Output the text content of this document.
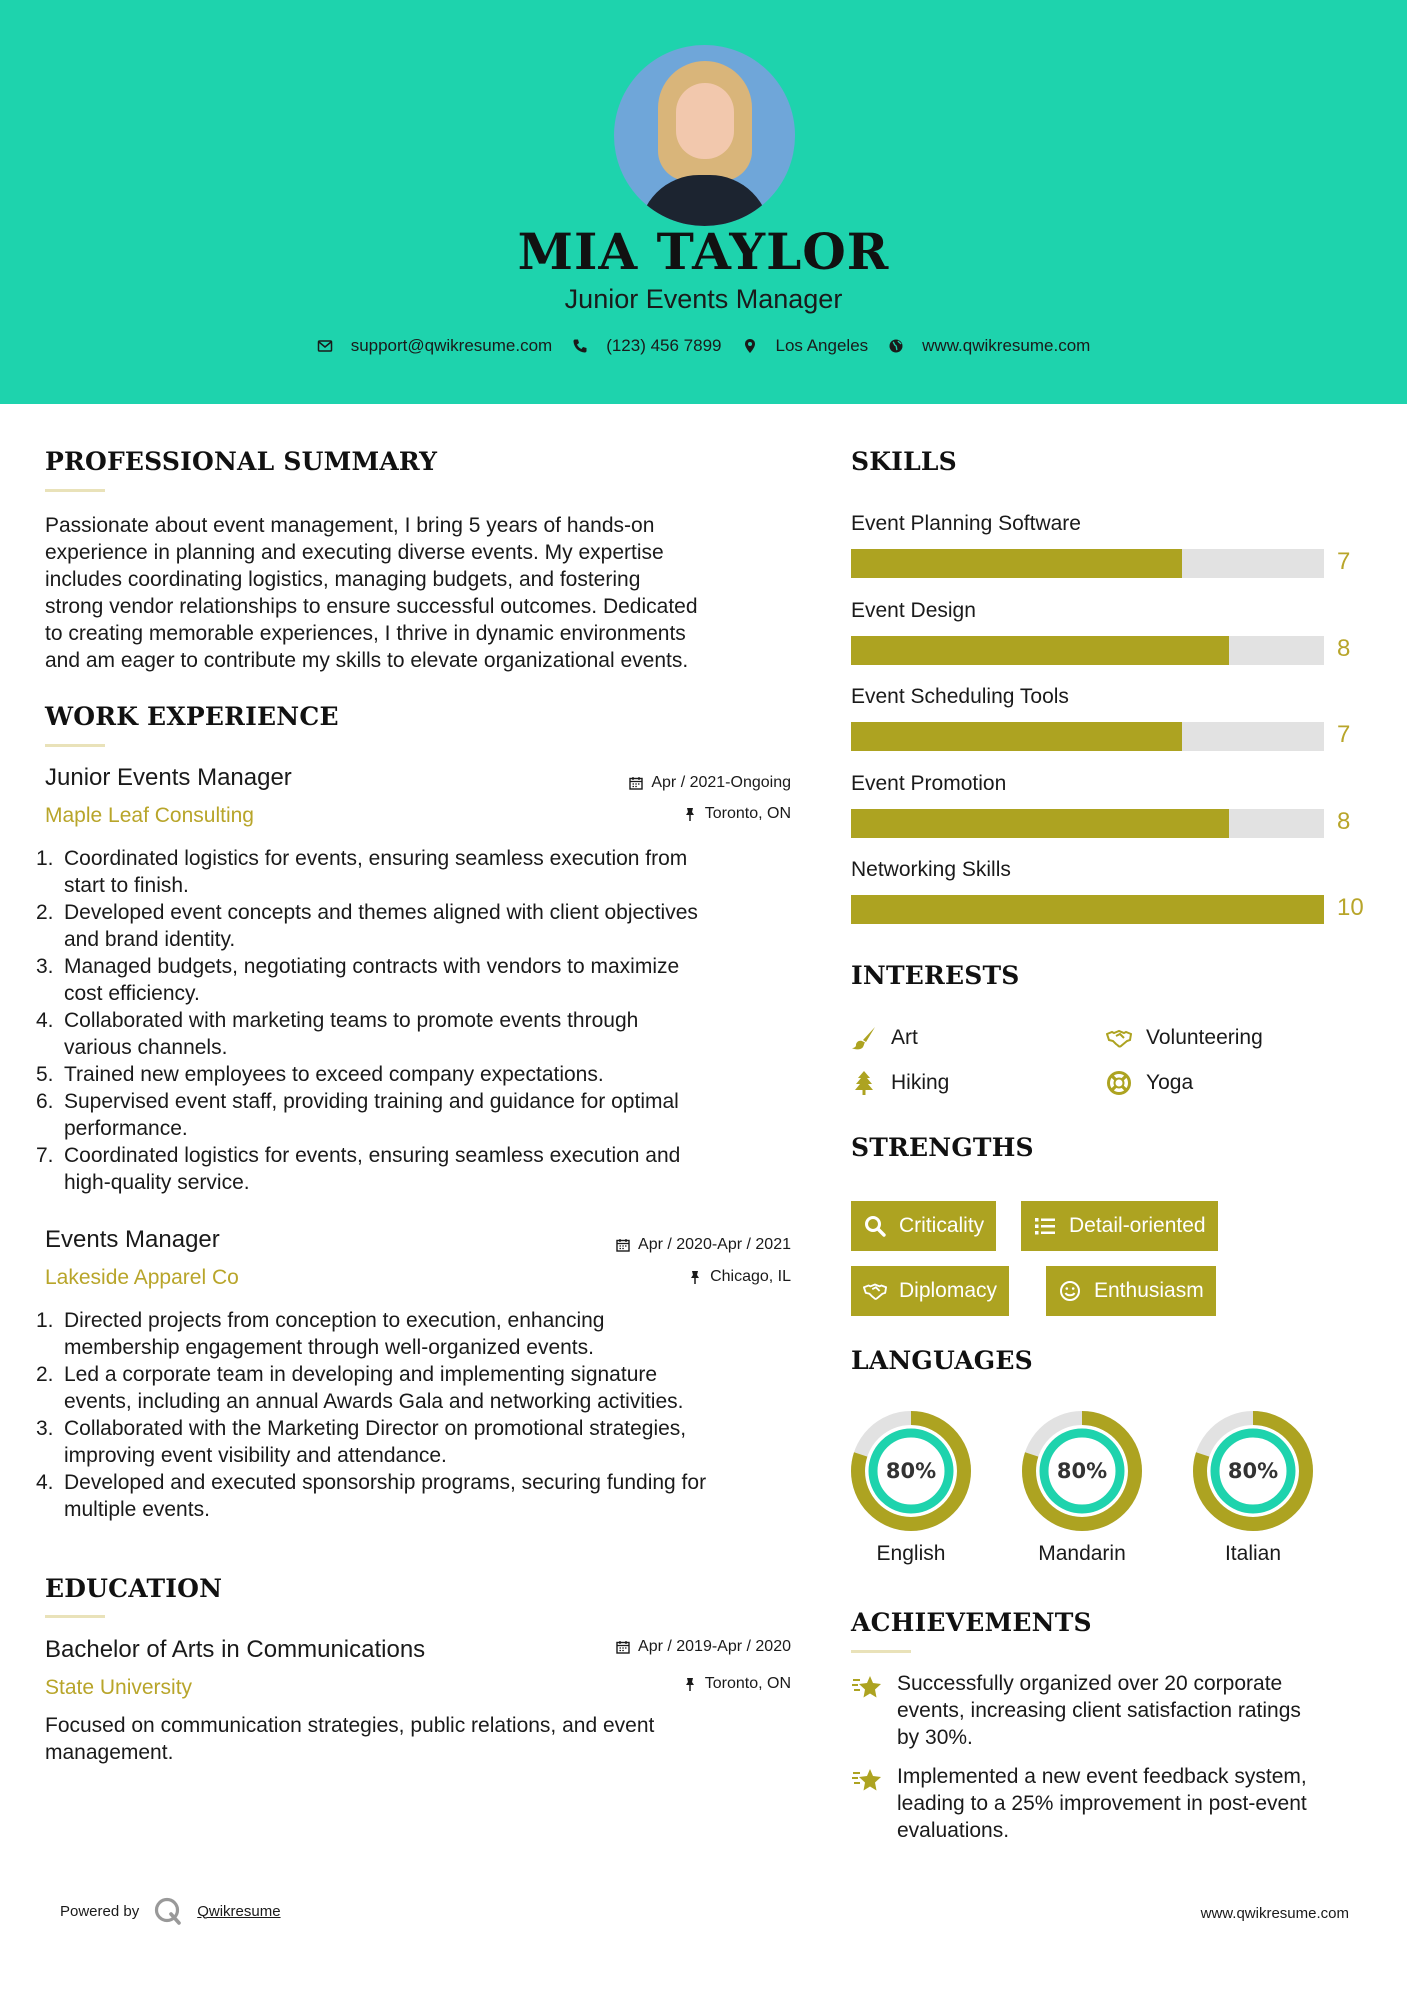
MIA TAYLOR
Junior Events Manager
support@qwikresume.com	(123) 456 7899	Los Angeles	www.qwikresume.com
PROFESSIONAL SUMMARY
Passionate about event management, I bring 5 years of hands-on
experience in planning and executing diverse events. My expertise
includes coordinating logistics, managing budgets, and fostering
strong vendor relationships to ensure successful outcomes. Dedicated
to creating memorable experiences, I thrive in dynamic environments
and am eager to contribute my skills to elevate organizational events.
WORK EXPERIENCE
Junior Events Manager
Maple Leaf Consulting
Apr / 2021-Ongoing
Toronto, ON
1. Coordinated logistics for events, ensuring seamless execution from
start to finish.
2. Developed event concepts and themes aligned with client objectives
and brand identity.
3. Managed budgets, negotiating contracts with vendors to maximize
cost efficiency.
4. Collaborated with marketing teams to promote events through
various channels.
5. Trained new employees to exceed company expectations.
6. Supervised event staff, providing training and guidance for optimal
performance.
7. Coordinated logistics for events, ensuring seamless execution and
high-quality service.
Events Manager
Lakeside Apparel Co
Apr / 2020-Apr / 2021
Chicago, IL
1. Directed projects from conception to execution, enhancing
membership engagement through well-organized events.
2. Led a corporate team in developing and implementing signature
events, including an annual Awards Gala and networking activities.
3. Collaborated with the Marketing Director on promotional strategies,
improving event visibility and attendance.
4. Developed and executed sponsorship programs, securing funding for
multiple events.
EDUCATION
Bachelor of Arts in Communications
State University
Apr / 2019-Apr / 2020
Toronto, ON
Focused on communication strategies, public relations, and event
management.
SKILLS
Event Planning Software
7
Event Design
8
Event Scheduling Tools
7
Event Promotion
8
Networking Skills
10
INTERESTS
Art	Volunteering
Hiking	Yoga
STRENGTHS
Criticality	Detail-oriented
Diplomacy	Enthusiasm
LANGUAGES
80%
English
80%
Mandarin
80%
Italian
ACHIEVEMENTS
Successfully organized over 20 corporate
events, increasing client satisfaction ratings
by 30%.
Implemented a new event feedback system,
leading to a 25% improvement in post-event
evaluations.
Powered by	Qwikresume	www.qwikresume.com
